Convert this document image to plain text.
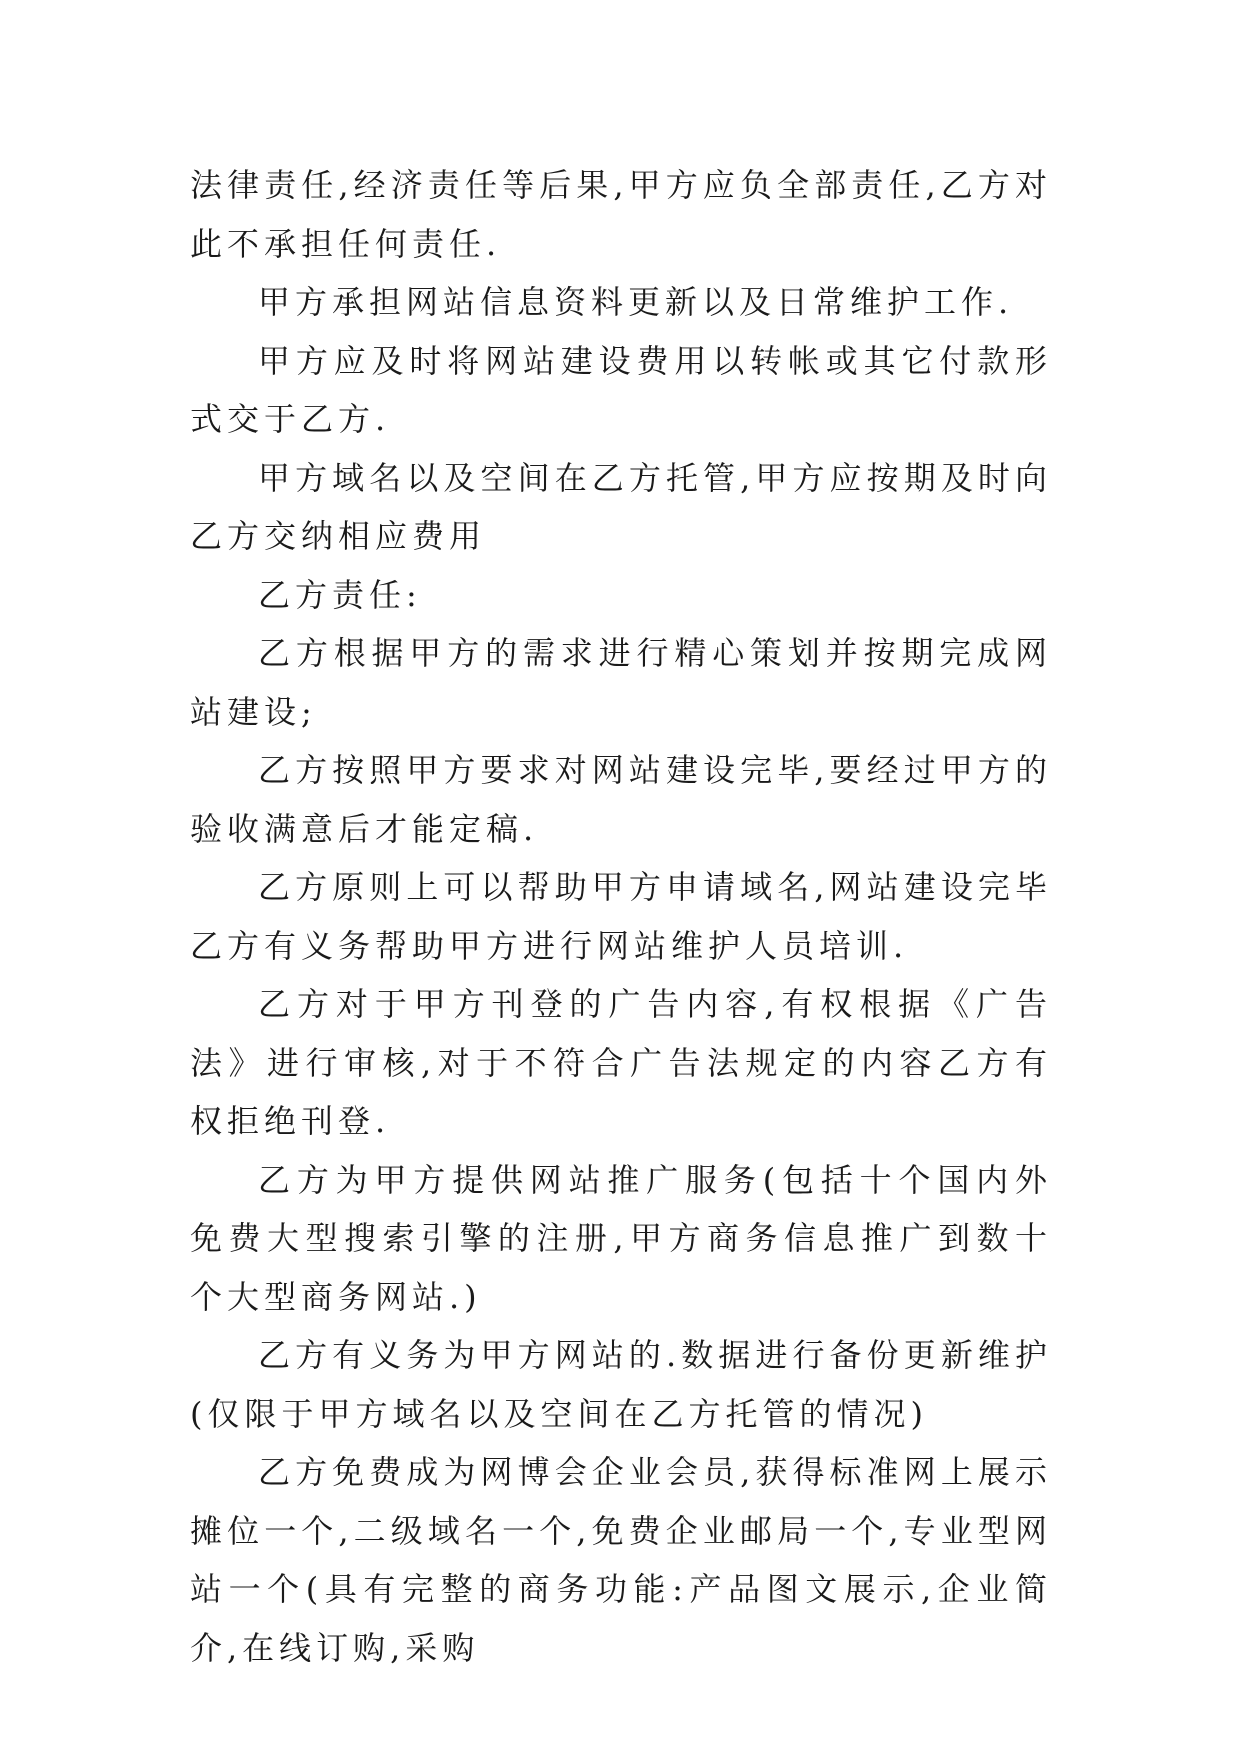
法律责任,经济责任等后果,甲方应负全部责任,乙方对此不承担任何责任.

甲方承担网站信息资料更新以及日常维护工作.

甲方应及时将网站建设费用以转帐或其它付款形式交于乙方.

甲方域名以及空间在乙方托管,甲方应按期及时向乙方交纳相应费用

乙方责任:

乙方根据甲方的需求进行精心策划并按期完成网站建设;

乙方按照甲方要求对网站建设完毕,要经过甲方的验收满意后才能定稿.

乙方原则上可以帮助甲方申请域名,网站建设完毕乙方有义务帮助甲方进行网站维护人员培训.

乙方对于甲方刊登的广告内容,有权根据《广告法》进行审核,对于不符合广告法规定的内容乙方有权拒绝刊登.

乙方为甲方提供网站推广服务(包括十个国内外免费大型搜索引擎的注册,甲方商务信息推广到数十个大型商务网站.)

乙方有义务为甲方网站的.数据进行备份更新维护(仅限于甲方域名以及空间在乙方托管的情况)

乙方免费成为网博会企业会员,获得标准网上展示摊位一个,二级域名一个,免费企业邮局一个,专业型网站一个(具有完整的商务功能:产品图文展示,企业简介,在线订购,采购
